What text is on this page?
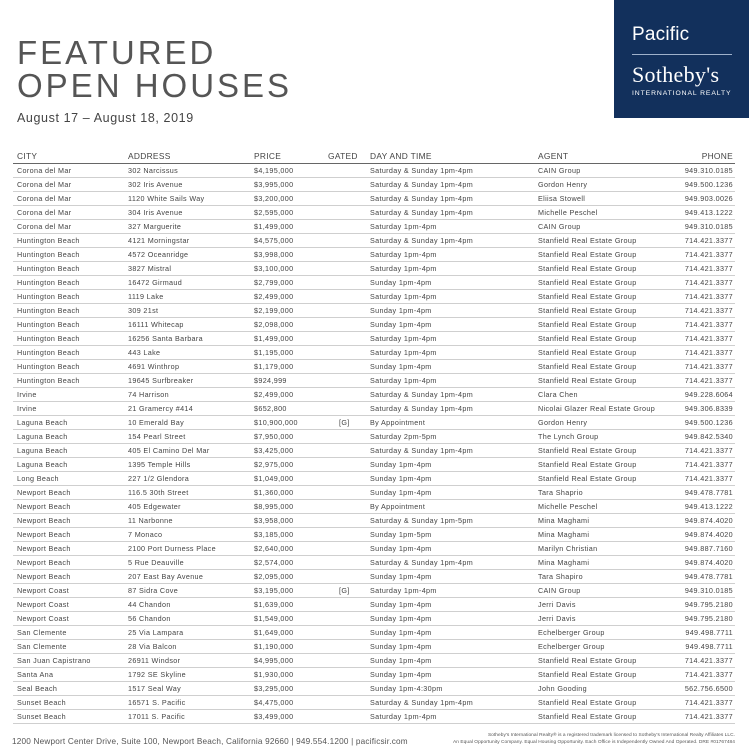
FEATURED
OPEN HOUSES
August 17 – August 18, 2019
Pacific
Sotheby's
INTERNATIONAL REALTY
CITY	ADDRESS	PRICE	GATED DAY AND TIME	AGENT	PHONE
Corona del Mar	302 Narcissus	$4,195,000	Saturday & Sunday 1pm-4pm	CAIN Group	949.310.0185
Corona del Mar	302 Iris Avenue	$3,995,000	Saturday & Sunday 1pm-4pm	Gordon Henry	949.500.1236
Corona del Mar	1120 White Sails Way	$3,200,000	Saturday & Sunday 1pm-4pm	Eliisa Stowell	949.903.0026
Corona del Mar	304 Iris Avenue	$2,595,000	Saturday & Sunday 1pm-4pm	Michelle Peschel	949.413.1222
Corona del Mar	327 Marguerite	$1,499,000	Saturday 1pm-4pm	CAIN Group	949.310.0185
Huntington Beach	4121 Morningstar	$4,575,000	Saturday & Sunday 1pm-4pm	Stanfield Real Estate Group	714.421.3377
Huntington Beach	4572 Oceanridge	$3,998,000	Saturday 1pm-4pm	Stanfield Real Estate Group	714.421.3377
Huntington Beach	3827 Mistral	$3,100,000	Saturday 1pm-4pm	Stanfield Real Estate Group	714.421.3377
Huntington Beach	16472 Girmaud	$2,799,000	Sunday 1pm-4pm	Stanfield Real Estate Group	714.421.3377
Huntington Beach	1119 Lake	$2,499,000	Saturday 1pm-4pm	Stanfield Real Estate Group	714.421.3377
Huntington Beach	309 21st	$2,199,000	Sunday 1pm-4pm	Stanfield Real Estate Group	714.421.3377
Huntington Beach	16111 Whitecap	$2,098,000	Sunday 1pm-4pm	Stanfield Real Estate Group	714.421.3377
Huntington Beach	16256 Santa Barbara	$1,499,000	Saturday 1pm-4pm	Stanfield Real Estate Group	714.421.3377
Huntington Beach	443 Lake	$1,195,000	Saturday 1pm-4pm	Stanfield Real Estate Group	714.421.3377
Huntington Beach	4691 Winthrop	$1,179,000	Sunday 1pm-4pm	Stanfield Real Estate Group	714.421.3377
Huntington Beach	19645 Surfbreaker	$924,999	Saturday 1pm-4pm	Stanfield Real Estate Group	714.421.3377
Irvine	74 Harrison	$2,499,000	Saturday & Sunday 1pm-4pm	Clara Chen	949.228.6064
Irvine	21 Gramercy #414	$652,800	Saturday & Sunday 1pm-4pm	Nicolai Glazer Real Estate Group	949.306.8339
Laguna Beach	10 Emerald Bay	$10,900,000	[G]	By Appointment	Gordon Henry	949.500.1236
Laguna Beach	154 Pearl Street	$7,950,000	Saturday 2pm-5pm	The Lynch Group	949.842.5340
Laguna Beach	405 El Camino Del Mar	$3,425,000	Saturday & Sunday 1pm-4pm	Stanfield Real Estate Group	714.421.3377
Laguna Beach	1395 Temple Hills	$2,975,000	Sunday 1pm-4pm	Stanfield Real Estate Group	714.421.3377
Long Beach	227 1/2 Glendora	$1,049,000	Sunday 1pm-4pm	Stanfield Real Estate Group	714.421.3377
Newport Beach	116.5 30th Street	$1,360,000	Sunday 1pm-4pm	Tara Shaprio	949.478.7781
Newport Beach	405 Edgewater	$8,995,000	By Appointment	Michelle Peschel	949.413.1222
Newport Beach	11 Narbonne	$3,958,000	Saturday & Sunday 1pm-5pm	Mina Maghami	949.874.4020
Newport Beach	7 Monaco	$3,185,000	Sunday 1pm-5pm	Mina Maghami	949.874.4020
Newport Beach	2100 Port Durness Place	$2,640,000	Sunday 1pm-4pm	Marilyn Christian	949.887.7160
Newport Beach	5 Rue Deauville	$2,574,000	Saturday & Sunday 1pm-4pm	Mina Maghami	949.874.4020
Newport Beach	207 East Bay Avenue	$2,095,000	Sunday 1pm-4pm	Tara Shapiro	949.478.7781
Newport Coast	87 Sidra Cove	$3,195,000	[G]	Saturday 1pm-4pm	CAIN Group	949.310.0185
Newport Coast	44 Chandon	$1,639,000	Sunday 1pm-4pm	Jerri Davis	949.795.2180
Newport Coast	56 Chandon	$1,549,000	Sunday 1pm-4pm	Jerri Davis	949.795.2180
San Clemente	25 Via Lampara	$1,649,000	Sunday 1pm-4pm	Echelberger Group	949.498.7711
San Clemente	28 Via Balcon	$1,190,000	Sunday 1pm-4pm	Echelberger Group	949.498.7711
San Juan Capistrano	26911 Windsor	$4,995,000	Sunday 1pm-4pm	Stanfield Real Estate Group	714.421.3377
Santa Ana	1792 SE Skyline	$1,930,000	Sunday 1pm-4pm	Stanfield Real Estate Group	714.421.3377
Seal Beach	1517 Seal Way	$3,295,000	Sunday 1pm-4:30pm	John Gooding	562.756.6500
Sunset Beach	16571 S. Pacific	$4,475,000	Saturday & Sunday 1pm-4pm	Stanfield Real Estate Group	714.421.3377
Sunset Beach	17011 S. Pacific	$3,499,000	Saturday 1pm-4pm	Stanfield Real Estate Group	714.421.3377
Sotheby's International Realty® is a registered trademark licensed to Sotheby's International Realty Affiliates LLC.
An Equal Opportunity Company. Equal Housing Opportunity. Each Office is Independently Owned And Operated. DRE #01767484
1200 Newport Center Drive, Suite 100, Newport Beach, California 92660 | 949.554.1200 | pacificsir.com
